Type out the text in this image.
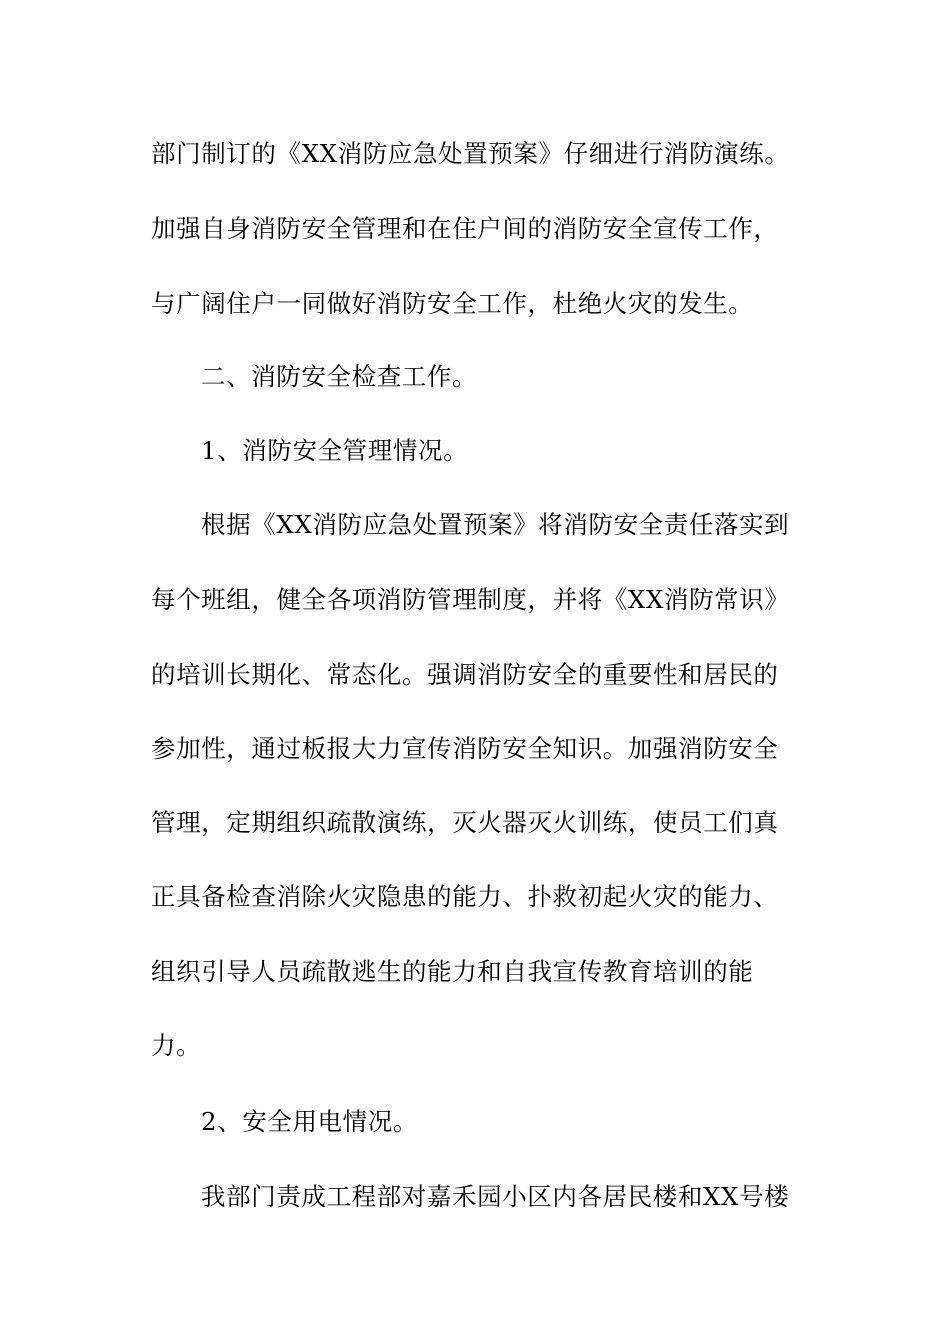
部门制订的《XX消防应急处置预案》仔细进行消防演练。
加强自身消防安全管理和在住户间的消防安全宣传工作，
与广阔住户一同做好消防安全工作，杜绝火灾的发生。
二、消防安全检查工作。
1、消防安全管理情况。
根据《XX消防应急处置预案》将消防安全责任落实到
每个班组，健全各项消防管理制度，并将《XX消防常识》
的培训长期化、常态化。强调消防安全的重要性和居民的
参加性，通过板报大力宣传消防安全知识。加强消防安全
管理，定期组织疏散演练，灭火器灭火训练，使员工们真
正具备检查消除火灾隐患的能力、扑救初起火灾的能力、
组织引导人员疏散逃生的能力和自我宣传教育培训的能
力。
2、安全用电情况。
我部门责成工程部对嘉禾园小区内各居民楼和XX号楼
